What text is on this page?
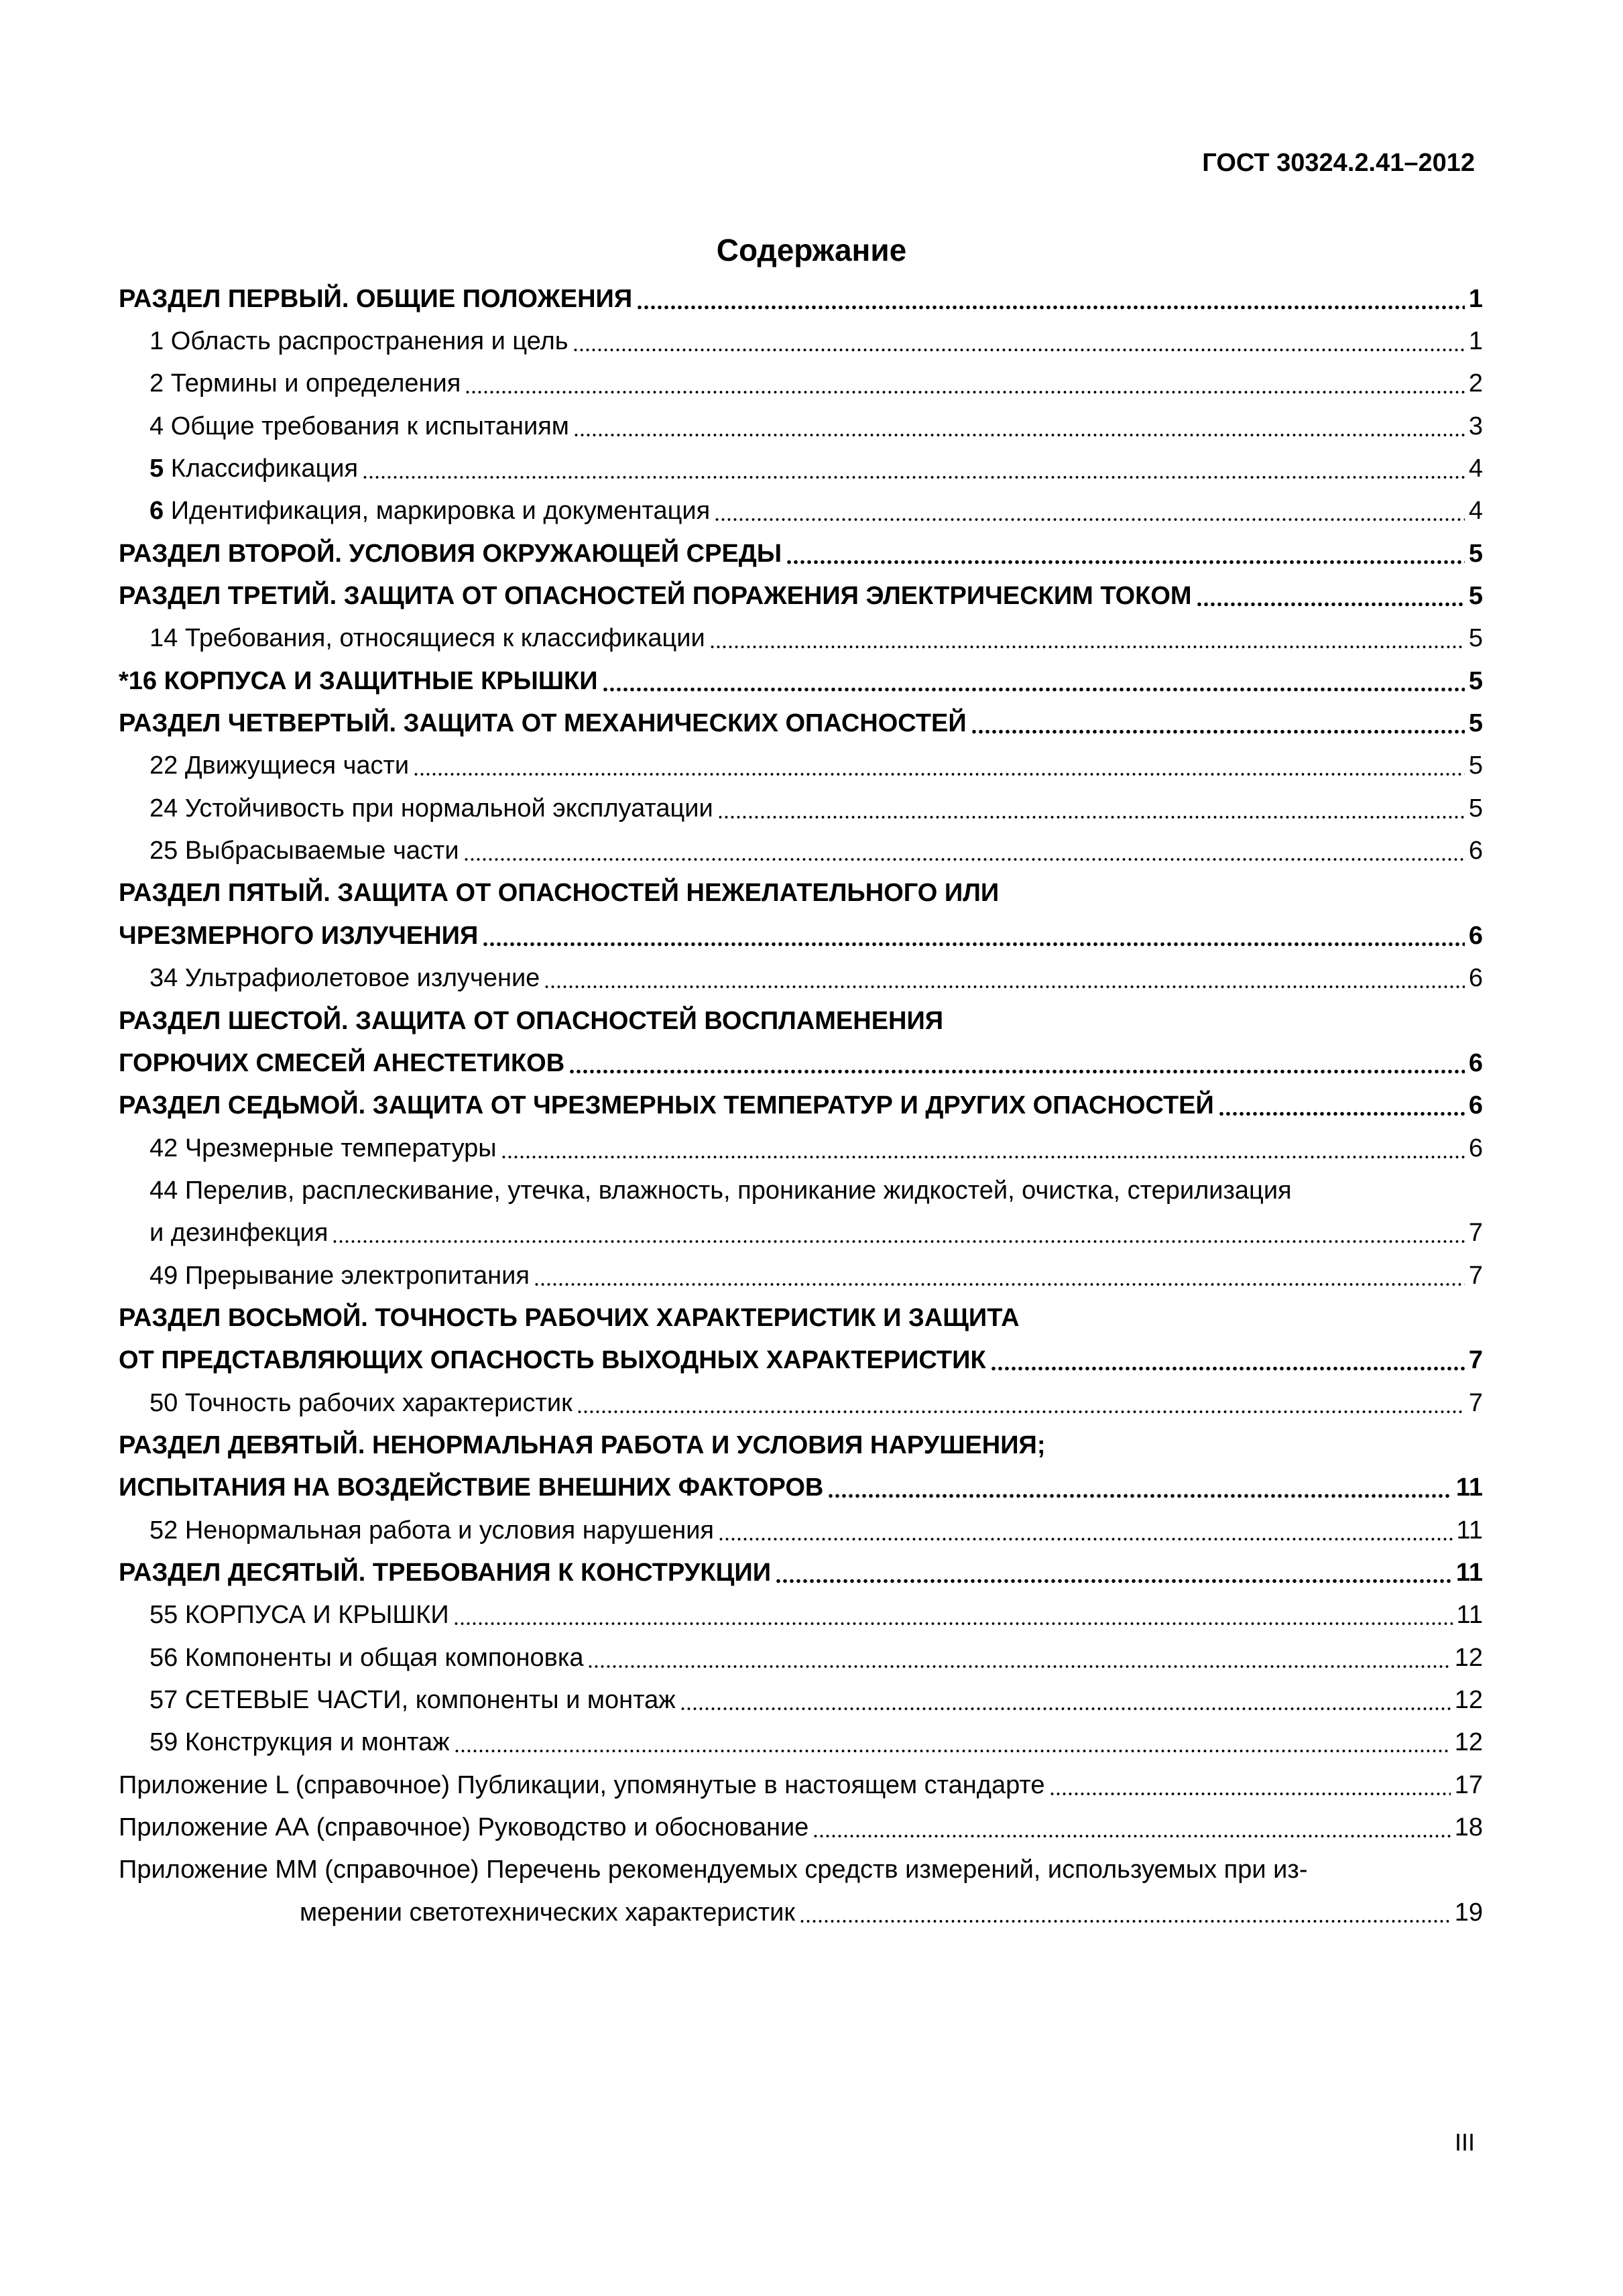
ГОСТ 30324.2.41–2012
Содержание
РАЗДЕЛ ПЕРВЫЙ. ОБЩИЕ ПОЛОЖЕНИЯ	1
1 Область распространения и цель	1
2 Термины и определения	2
4 Общие требования к испытаниям	3
5 Классификация	4
6 Идентификация, маркировка и документация	4
РАЗДЕЛ ВТОРОЙ. УСЛОВИЯ ОКРУЖАЮЩЕЙ СРЕДЫ	5
РАЗДЕЛ ТРЕТИЙ. ЗАЩИТА ОТ ОПАСНОСТЕЙ ПОРАЖЕНИЯ ЭЛЕКТРИЧЕСКИМ ТОКОМ	5
14 Требования, относящиеся к классификации	5
*16 КОРПУСА И ЗАЩИТНЫЕ КРЫШКИ	5
РАЗДЕЛ ЧЕТВЕРТЫЙ. ЗАЩИТА ОТ МЕХАНИЧЕСКИХ ОПАСНОСТЕЙ	5
22 Движущиеся части	5
24 Устойчивость при нормальной эксплуатации	5
25 Выбрасываемые части	6
РАЗДЕЛ ПЯТЫЙ. ЗАЩИТА ОТ ОПАСНОСТЕЙ НЕЖЕЛАТЕЛЬНОГО ИЛИ
ЧРЕЗМЕРНОГО ИЗЛУЧЕНИЯ	6
34 Ультрафиолетовое излучение	6
РАЗДЕЛ ШЕСТОЙ. ЗАЩИТА ОТ ОПАСНОСТЕЙ ВОСПЛАМЕНЕНИЯ
ГОРЮЧИХ СМЕСЕЙ АНЕСТЕТИКОВ	6
РАЗДЕЛ СЕДЬМОЙ. ЗАЩИТА ОТ ЧРЕЗМЕРНЫХ ТЕМПЕРАТУР И ДРУГИХ ОПАСНОСТЕЙ	6
42 Чрезмерные температуры	6
44 Перелив, расплескивание, утечка, влажность, проникание жидкостей, очистка, стерилизация
и дезинфекция	7
49 Прерывание электропитания	7
РАЗДЕЛ ВОСЬМОЙ. ТОЧНОСТЬ РАБОЧИХ ХАРАКТЕРИСТИК И ЗАЩИТА
ОТ ПРЕДСТАВЛЯЮЩИХ ОПАСНОСТЬ ВЫХОДНЫХ ХАРАКТЕРИСТИК	7
50 Точность рабочих характеристик	7
РАЗДЕЛ ДЕВЯТЫЙ. НЕНОРМАЛЬНАЯ РАБОТА И УСЛОВИЯ НАРУШЕНИЯ;
ИСПЫТАНИЯ НА ВОЗДЕЙСТВИЕ ВНЕШНИХ ФАКТОРОВ	11
52 Ненормальная работа и условия нарушения	11
РАЗДЕЛ ДЕСЯТЫЙ. ТРЕБОВАНИЯ К КОНСТРУКЦИИ	11
55 КОРПУСА И КРЫШКИ	11
56 Компоненты и общая компоновка	12
57 СЕТЕВЫЕ ЧАСТИ, компоненты и монтаж	12
59 Конструкция и монтаж	12
Приложение L (справочное) Публикации, упомянутые в настоящем стандарте	17
Приложение АА (справочное) Руководство и обоснование	18
Приложение ММ (справочное) Перечень рекомендуемых средств измерений, используемых при из-
мерении светотехнических характеристик	19
III
